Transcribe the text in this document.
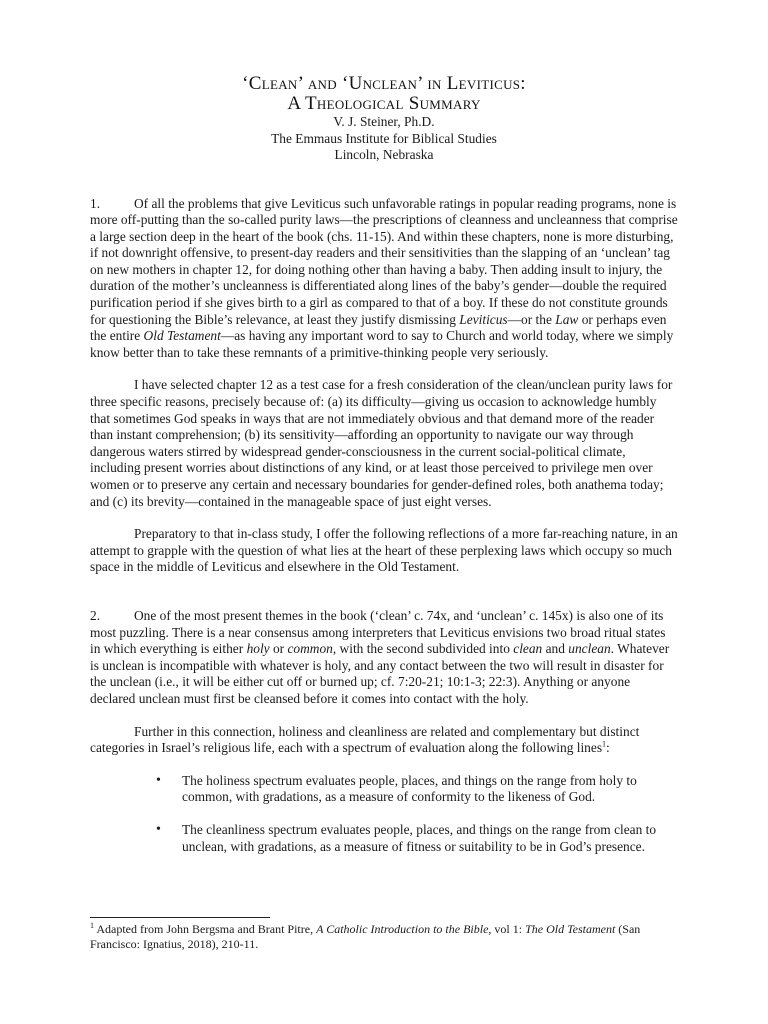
‘Clean’ and ‘Unclean’ in Leviticus:
A Theological Summary
V. J. Steiner, Ph.D.
The Emmaus Institute for Biblical Studies
Lincoln, Nebraska

1.	Of all the problems that give Leviticus such unfavorable ratings in popular reading programs, none is more off-putting than the so-called purity laws—the prescriptions of cleanness and uncleanness that comprise a large section deep in the heart of the book (chs. 11-15). And within these chapters, none is more disturbing, if not downright offensive, to present-day readers and their sensitivities than the slapping of an ‘unclean’ tag on new mothers in chapter 12, for doing nothing other than having a baby. Then adding insult to injury, the duration of the mother’s uncleanness is differentiated along lines of the baby’s gender—double the required purification period if she gives birth to a girl as compared to that of a boy. If these do not constitute grounds for questioning the Bible’s relevance, at least they justify dismissing Leviticus—or the Law or perhaps even the entire Old Testament—as having any important word to say to Church and world today, where we simply know better than to take these remnants of a primitive-thinking people very seriously.

I have selected chapter 12 as a test case for a fresh consideration of the clean/unclean purity laws for three specific reasons, precisely because of: (a) its difficulty—giving us occasion to acknowledge humbly that sometimes God speaks in ways that are not immediately obvious and that demand more of the reader than instant comprehension; (b) its sensitivity—affording an opportunity to navigate our way through dangerous waters stirred by widespread gender-consciousness in the current social-political climate, including present worries about distinctions of any kind, or at least those perceived to privilege men over women or to preserve any certain and necessary boundaries for gender-defined roles, both anathema today; and (c) its brevity—contained in the manageable space of just eight verses.

Preparatory to that in-class study, I offer the following reflections of a more far-reaching nature, in an attempt to grapple with the question of what lies at the heart of these perplexing laws which occupy so much space in the middle of Leviticus and elsewhere in the Old Testament.

2.	One of the most present themes in the book (‘clean’ c. 74x, and ‘unclean’ c. 145x) is also one of its most puzzling. There is a near consensus among interpreters that Leviticus envisions two broad ritual states in which everything is either holy or common, with the second subdivided into clean and unclean. Whatever is unclean is incompatible with whatever is holy, and any contact between the two will result in disaster for the unclean (i.e., it will be either cut off or burned up; cf. 7:20-21; 10:1-3; 22:3). Anything or anyone declared unclean must first be cleansed before it comes into contact with the holy.

Further in this connection, holiness and cleanliness are related and complementary but distinct categories in Israel’s religious life, each with a spectrum of evaluation along the following lines$^1$:

• The holiness spectrum evaluates people, places, and things on the range from holy to common, with gradations, as a measure of conformity to the likeness of God.
• The cleanliness spectrum evaluates people, places, and things on the range from clean to unclean, with gradations, as a measure of fitness or suitability to be in God’s presence.
$^1$ Adapted from John Bergsma and Brant Pitre, A Catholic Introduction to the Bible, vol 1: The Old Testament (San Francisco: Ignatius, 2018), 210-11.
